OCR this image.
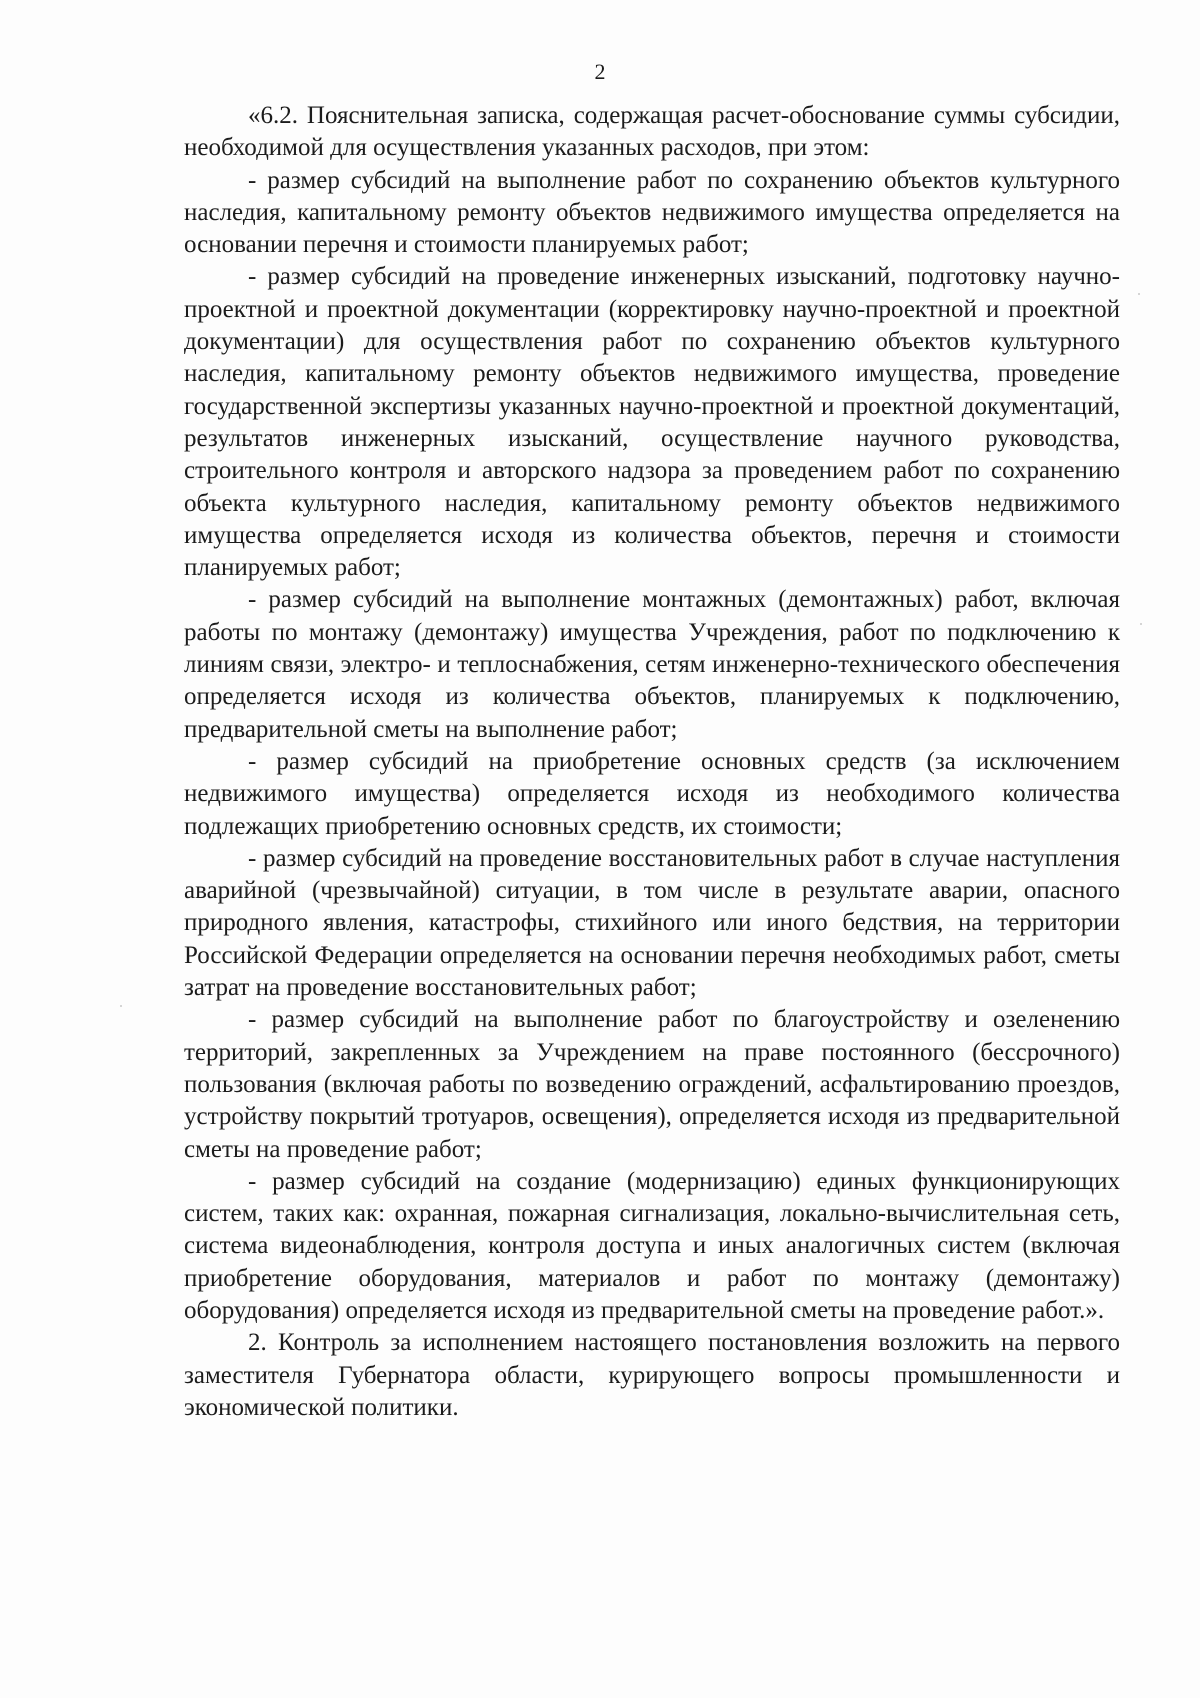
2

«6.2. Пояснительная записка, содержащая расчет-обоснование суммы субсидии, необходимой для осуществления указанных расходов, при этом:

- размер субсидий на выполнение работ по сохранению объектов культурного наследия, капитальному ремонту объектов недвижимого имущества определяется на основании перечня и стоимости планируемых работ;

- размер субсидий на проведение инженерных изысканий, подготовку научно-проектной и проектной документации (корректировку научно-проектной и проектной документации) для осуществления работ по сохранению объектов культурного наследия, капитальному ремонту объектов недвижимого имущества, проведение государственной экспертизы указанных научно-проектной и проектной документаций, результатов инженерных изысканий, осуществление научного руководства, строительного контроля и авторского надзора за проведением работ по сохранению объекта культурного наследия, капитальному ремонту объектов недвижимого имущества определяется исходя из количества объектов, перечня и стоимости планируемых работ;

- размер субсидий на выполнение монтажных (демонтажных) работ, включая работы по монтажу (демонтажу) имущества Учреждения, работ по подключению к линиям связи, электро- и теплоснабжения, сетям инженерно-технического обеспечения определяется исходя из количества объектов, планируемых к подключению, предварительной сметы на выполнение работ;

- размер субсидий на приобретение основных средств (за исключением недвижимого имущества) определяется исходя из необходимого количества подлежащих приобретению основных средств, их стоимости;

- размер субсидий на проведение восстановительных работ в случае наступления аварийной (чрезвычайной) ситуации, в том числе в результате аварии, опасного природного явления, катастрофы, стихийного или иного бедствия, на территории Российской Федерации определяется на основании перечня необходимых работ, сметы затрат на проведение восстановительных работ;

- размер субсидий на выполнение работ по благоустройству и озеленению территорий, закрепленных за Учреждением на праве постоянного (бессрочного) пользования (включая работы по возведению ограждений, асфальтированию проездов, устройству покрытий тротуаров, освещения), определяется исходя из предварительной сметы на проведение работ;

- размер субсидий на создание (модернизацию) единых функционирующих систем, таких как: охранная, пожарная сигнализация, локально-вычислительная сеть, система видеонаблюдения, контроля доступа и иных аналогичных систем (включая приобретение оборудования, материалов и работ по монтажу (демонтажу) оборудования) определяется исходя из предварительной сметы на проведение работ.».

2. Контроль за исполнением настоящего постановления возложить на первого заместителя Губернатора области, курирующего вопросы промышленности и экономической политики.
